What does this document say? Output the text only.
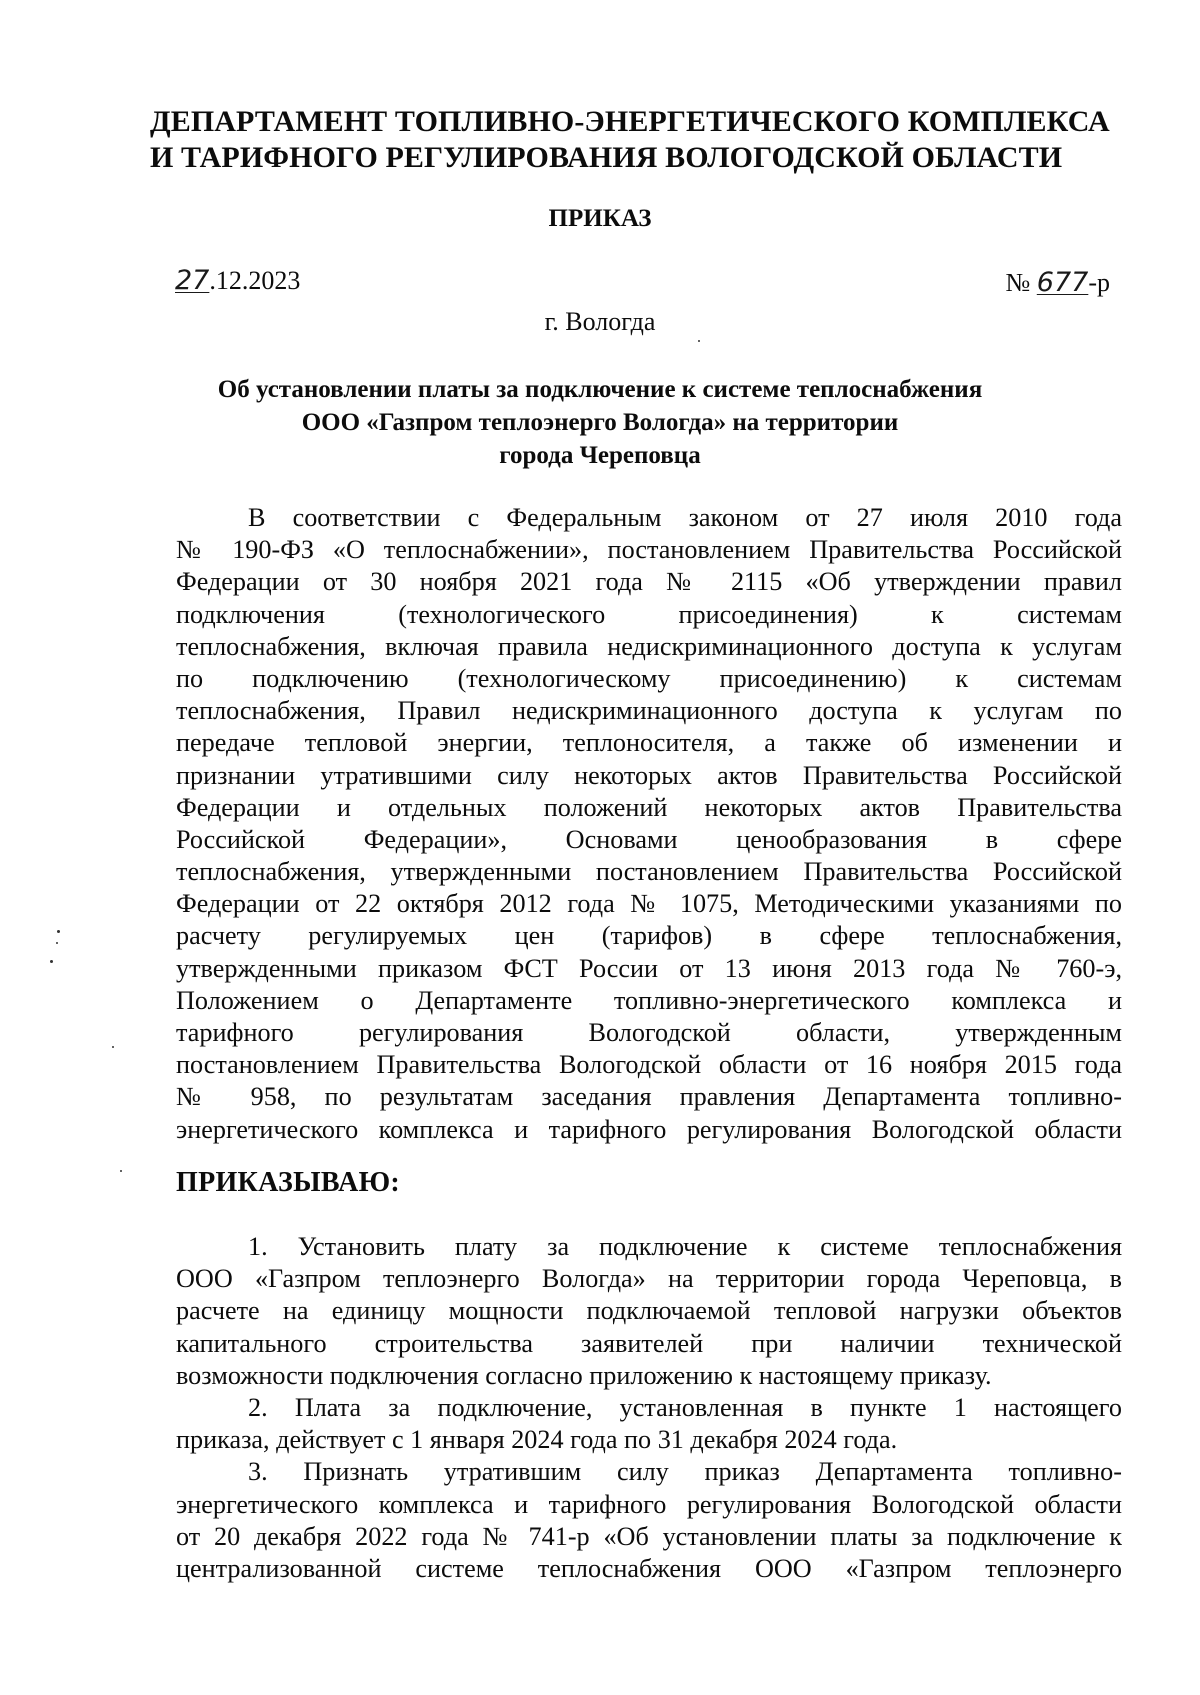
ДЕПАРТАМЕНТ ТОПЛИВНО-ЭНЕРГЕТИЧЕСКОГО КОМПЛЕКСА
И ТАРИФНОГО РЕГУЛИРОВАНИЯ ВОЛОГОДСКОЙ ОБЛАСТИ
ПРИКАЗ
27.12.2023	№ 677-р
г. Вологда
Об установлении платы за подключение к системе теплоснабжения
ООО «Газпром теплоэнерго Вологда» на территории
города Череповца
В соответствии с Федеральным законом от 27 июля 2010 года
№ 190-ФЗ «О теплоснабжении», постановлением Правительства Российской
Федерации от 30 ноября 2021 года № 2115 «Об утверждении правил
подключения (технологического присоединения) к системам
теплоснабжения, включая правила недискриминационного доступа к услугам
по подключению (технологическому присоединению) к системам
теплоснабжения, Правил недискриминационного доступа к услугам по
передаче тепловой энергии, теплоносителя, а также об изменении и
признании утратившими силу некоторых актов Правительства Российской
Федерации и отдельных положений некоторых актов Правительства
Российской Федерации», Основами ценообразования в сфере
теплоснабжения, утвержденными постановлением Правительства Российской
Федерации от 22 октября 2012 года № 1075, Методическими указаниями по
расчету регулируемых цен (тарифов) в сфере теплоснабжения,
утвержденными приказом ФСТ России от 13 июня 2013 года № 760-э,
Положением о Департаменте топливно-энергетического комплекса и
тарифного регулирования Вологодской области, утвержденным
постановлением Правительства Вологодской области от 16 ноября 2015 года
№ 958, по результатам заседания правления Департамента топливно-
энергетического комплекса и тарифного регулирования Вологодской области
ПРИКАЗЫВАЮ:
1. Установить плату за подключение к системе теплоснабжения
ООО «Газпром теплоэнерго Вологда» на территории города Череповца, в
расчете на единицу мощности подключаемой тепловой нагрузки объектов
капитального строительства заявителей при наличии технической
возможности подключения согласно приложению к настоящему приказу.
2. Плата за подключение, установленная в пункте 1 настоящего
приказа, действует с 1 января 2024 года по 31 декабря 2024 года.
3. Признать утратившим силу приказ Департамента топливно-
энергетического комплекса и тарифного регулирования Вологодской области
от 20 декабря 2022 года № 741-р «Об установлении платы за подключение к
централизованной системе теплоснабжения ООО «Газпром теплоэнерго
